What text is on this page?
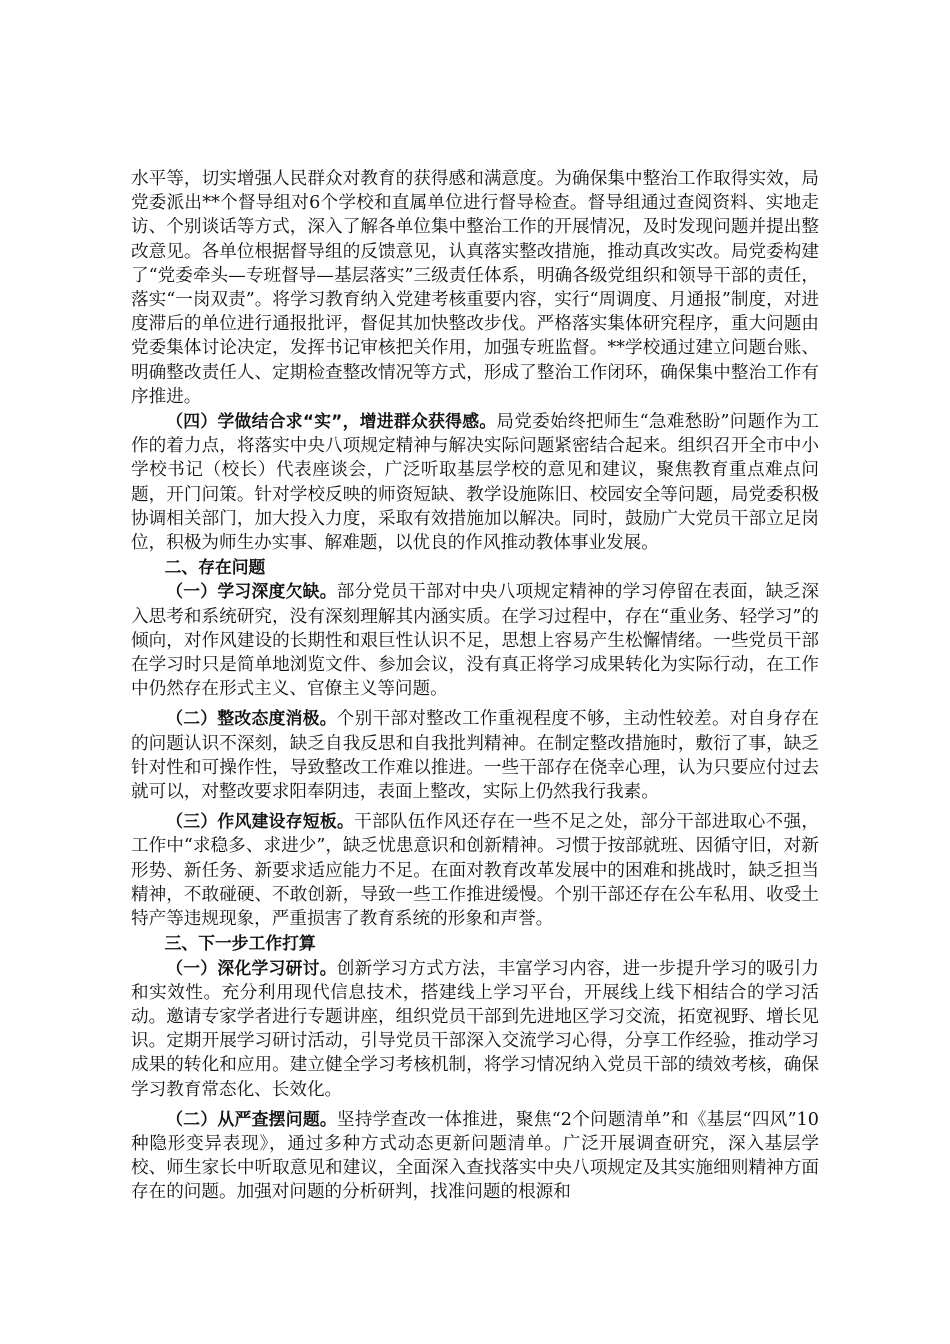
水平等，切实增强人民群众对教育的获得感和满意度。为确保集中整治工作取得实效，局党委派出**个督导组对6个学校和直属单位进行督导检查。督导组通过查阅资料、实地走访、个别谈话等方式，深入了解各单位集中整治工作的开展情况，及时发现问题并提出整改意见。各单位根据督导组的反馈意见，认真落实整改措施，推动真改实改。局党委构建了“党委牵头—专班督导—基层落实”三级责任体系，明确各级党组织和领导干部的责任，落实“一岗双责”。将学习教育纳入党建考核重要内容，实行“周调度、月通报”制度，对进度滞后的单位进行通报批评，督促其加快整改步伐。严格落实集体研究程序，重大问题由党委集体讨论决定，发挥书记审核把关作用，加强专班监督。**学校通过建立问题台账、明确整改责任人、定期检查整改情况等方式，形成了整治工作闭环，确保集中整治工作有序推进。

（四）学做结合求“实”，增进群众获得感。局党委始终把师生“急难愁盼”问题作为工作的着力点，将落实中央八项规定精神与解决实际问题紧密结合起来。组织召开全市中小学校书记（校长）代表座谈会，广泛听取基层学校的意见和建议，聚焦教育重点难点问题，开门问策。针对学校反映的师资短缺、教学设施陈旧、校园安全等问题，局党委积极协调相关部门，加大投入力度，采取有效措施加以解决。同时，鼓励广大党员干部立足岗位，积极为师生办实事、解难题，以优良的作风推动教体事业发展。

二、存在问题

（一）学习深度欠缺。部分党员干部对中央八项规定精神的学习停留在表面，缺乏深入思考和系统研究，没有深刻理解其内涵实质。在学习过程中，存在“重业务、轻学习”的倾向，对作风建设的长期性和艰巨性认识不足，思想上容易产生松懈情绪。一些党员干部在学习时只是简单地浏览文件、参加会议，没有真正将学习成果转化为实际行动，在工作中仍然存在形式主义、官僚主义等问题。

（二）整改态度消极。个别干部对整改工作重视程度不够，主动性较差。对自身存在的问题认识不深刻，缺乏自我反思和自我批判精神。在制定整改措施时，敷衍了事，缺乏针对性和可操作性，导致整改工作难以推进。一些干部存在侥幸心理，认为只要应付过去就可以，对整改要求阳奉阴违，表面上整改，实际上仍然我行我素。

（三）作风建设存短板。干部队伍作风还存在一些不足之处，部分干部进取心不强，工作中“求稳多、求进少”，缺乏忧患意识和创新精神。习惯于按部就班、因循守旧，对新形势、新任务、新要求适应能力不足。在面对教育改革发展中的困难和挑战时，缺乏担当精神，不敢碰硬、不敢创新，导致一些工作推进缓慢。个别干部还存在公车私用、收受土特产等违规现象，严重损害了教育系统的形象和声誉。

三、下一步工作打算

（一）深化学习研讨。创新学习方式方法，丰富学习内容，进一步提升学习的吸引力和实效性。充分利用现代信息技术，搭建线上学习平台，开展线上线下相结合的学习活动。邀请专家学者进行专题讲座，组织党员干部到先进地区学习交流，拓宽视野、增长见识。定期开展学习研讨活动，引导党员干部深入交流学习心得，分享工作经验，推动学习成果的转化和应用。建立健全学习考核机制，将学习情况纳入党员干部的绩效考核，确保学习教育常态化、长效化。

（二）从严查摆问题。坚持学查改一体推进，聚焦“2个问题清单”和《基层“四风”10种隐形变异表现》，通过多种方式动态更新问题清单。广泛开展调查研究，深入基层学校、师生家长中听取意见和建议，全面深入查找落实中央八项规定及其实施细则精神方面存在的问题。加强对问题的分析研判，找准问题的根源和
